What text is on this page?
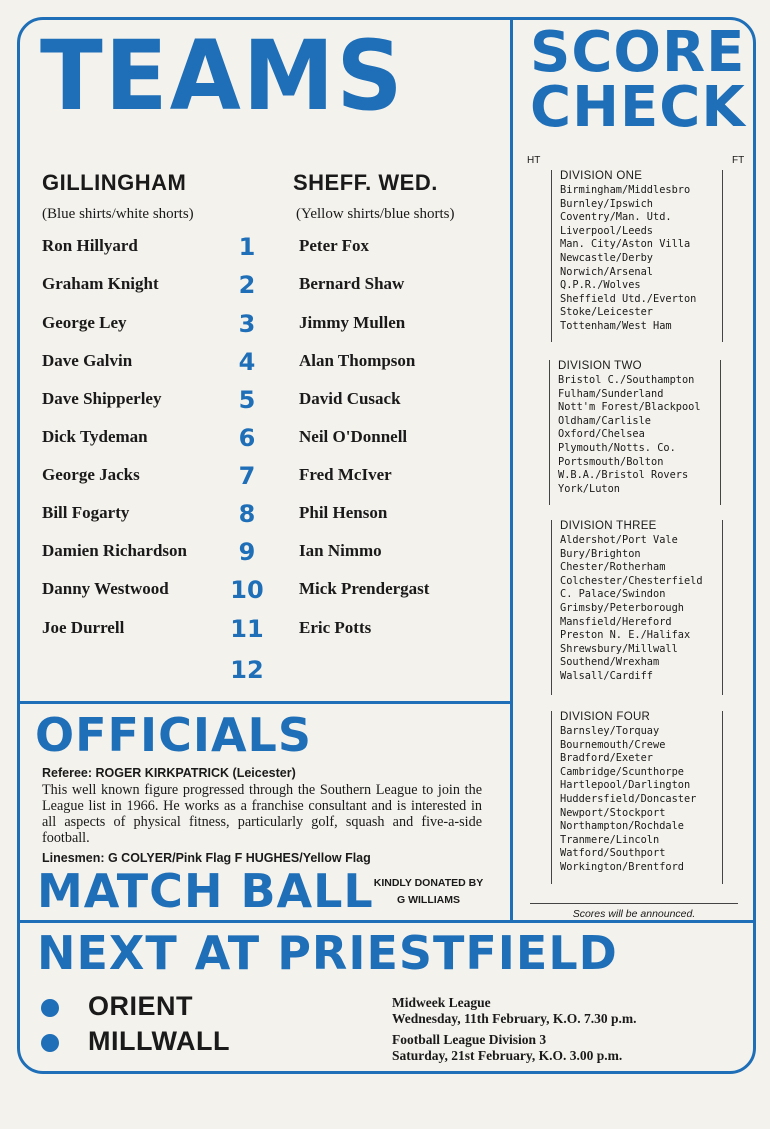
TEAMS
GILLINGHAM	SHEFF. WED.
(Blue shirts/white shorts)	(Yellow shirts/blue shorts)
Ron Hillyard	1	Peter Fox
Graham Knight	2	Bernard Shaw
George Ley	3	Jimmy Mullen
Dave Galvin	4	Alan Thompson
Dave Shipperley	5	David Cusack
Dick Tydeman	6	Neil O'Donnell
George Jacks	7	Fred McIver
Bill Fogarty	8	Phil Henson
Damien Richardson	9	Ian Nimmo
Danny Westwood	10 Mick Prendergast
Joe Durrell	11 Eric Potts
12
SCORE
CHECK
HT	FT
DIVISION ONE
Birmingham/Middlesbro
Burnley/Ipswich
Coventry/Man. Utd.
Liverpool/Leeds
Man. City/Aston Villa
Newcastle/Derby
Norwich/Arsenal
Q.P.R./Wolves
Sheffield Utd./Everton
Stoke/Leicester
Tottenham/West Ham
DIVISION TWO
Bristol C./Southampton
Fulham/Sunderland
Nott'm Forest/Blackpool
Oldham/Carlisle
Oxford/Chelsea
Plymouth/Notts. Co.
Portsmouth/Bolton
W.B.A./Bristol Rovers
York/Luton
DIVISION THREE
Aldershot/Port Vale
Bury/Brighton
Chester/Rotherham
Colchester/Chesterfield
C. Palace/Swindon
Grimsby/Peterborough
Mansfield/Hereford
Preston N. E./Halifax
Shrewsbury/Millwall
Southend/Wrexham
Walsall/Cardiff
DIVISION FOUR
Barnsley/Torquay
Bournemouth/Crewe
Bradford/Exeter
Cambridge/Scunthorpe
Hartlepool/Darlington
Huddersfield/Doncaster
Newport/Stockport
Northampton/Rochdale
Tranmere/Lincoln
Watford/Southport
Workington/Brentford
Scores will be announced.
OFFICIALS
Referee: ROGER KIRKPATRICK (Leicester)
This well known figure progressed through the Southern League to join the League list in 1966. He works as a franchise consultant and is interested in all aspects of physical fitness, particularly golf, squash and five-a-side football.
Linesmen: G COLYER/Pink Flag F HUGHES/Yellow Flag
MATCH BALL KINDLY DONATED BY
G WILLIAMS
NEXT AT PRIESTFIELD
ORIENT	Midweek League
Wednesday, 11th February, K.O. 7.30 p.m.
MILLWALL	Football League Division 3
Saturday, 21st February, K.O. 3.00 p.m.
